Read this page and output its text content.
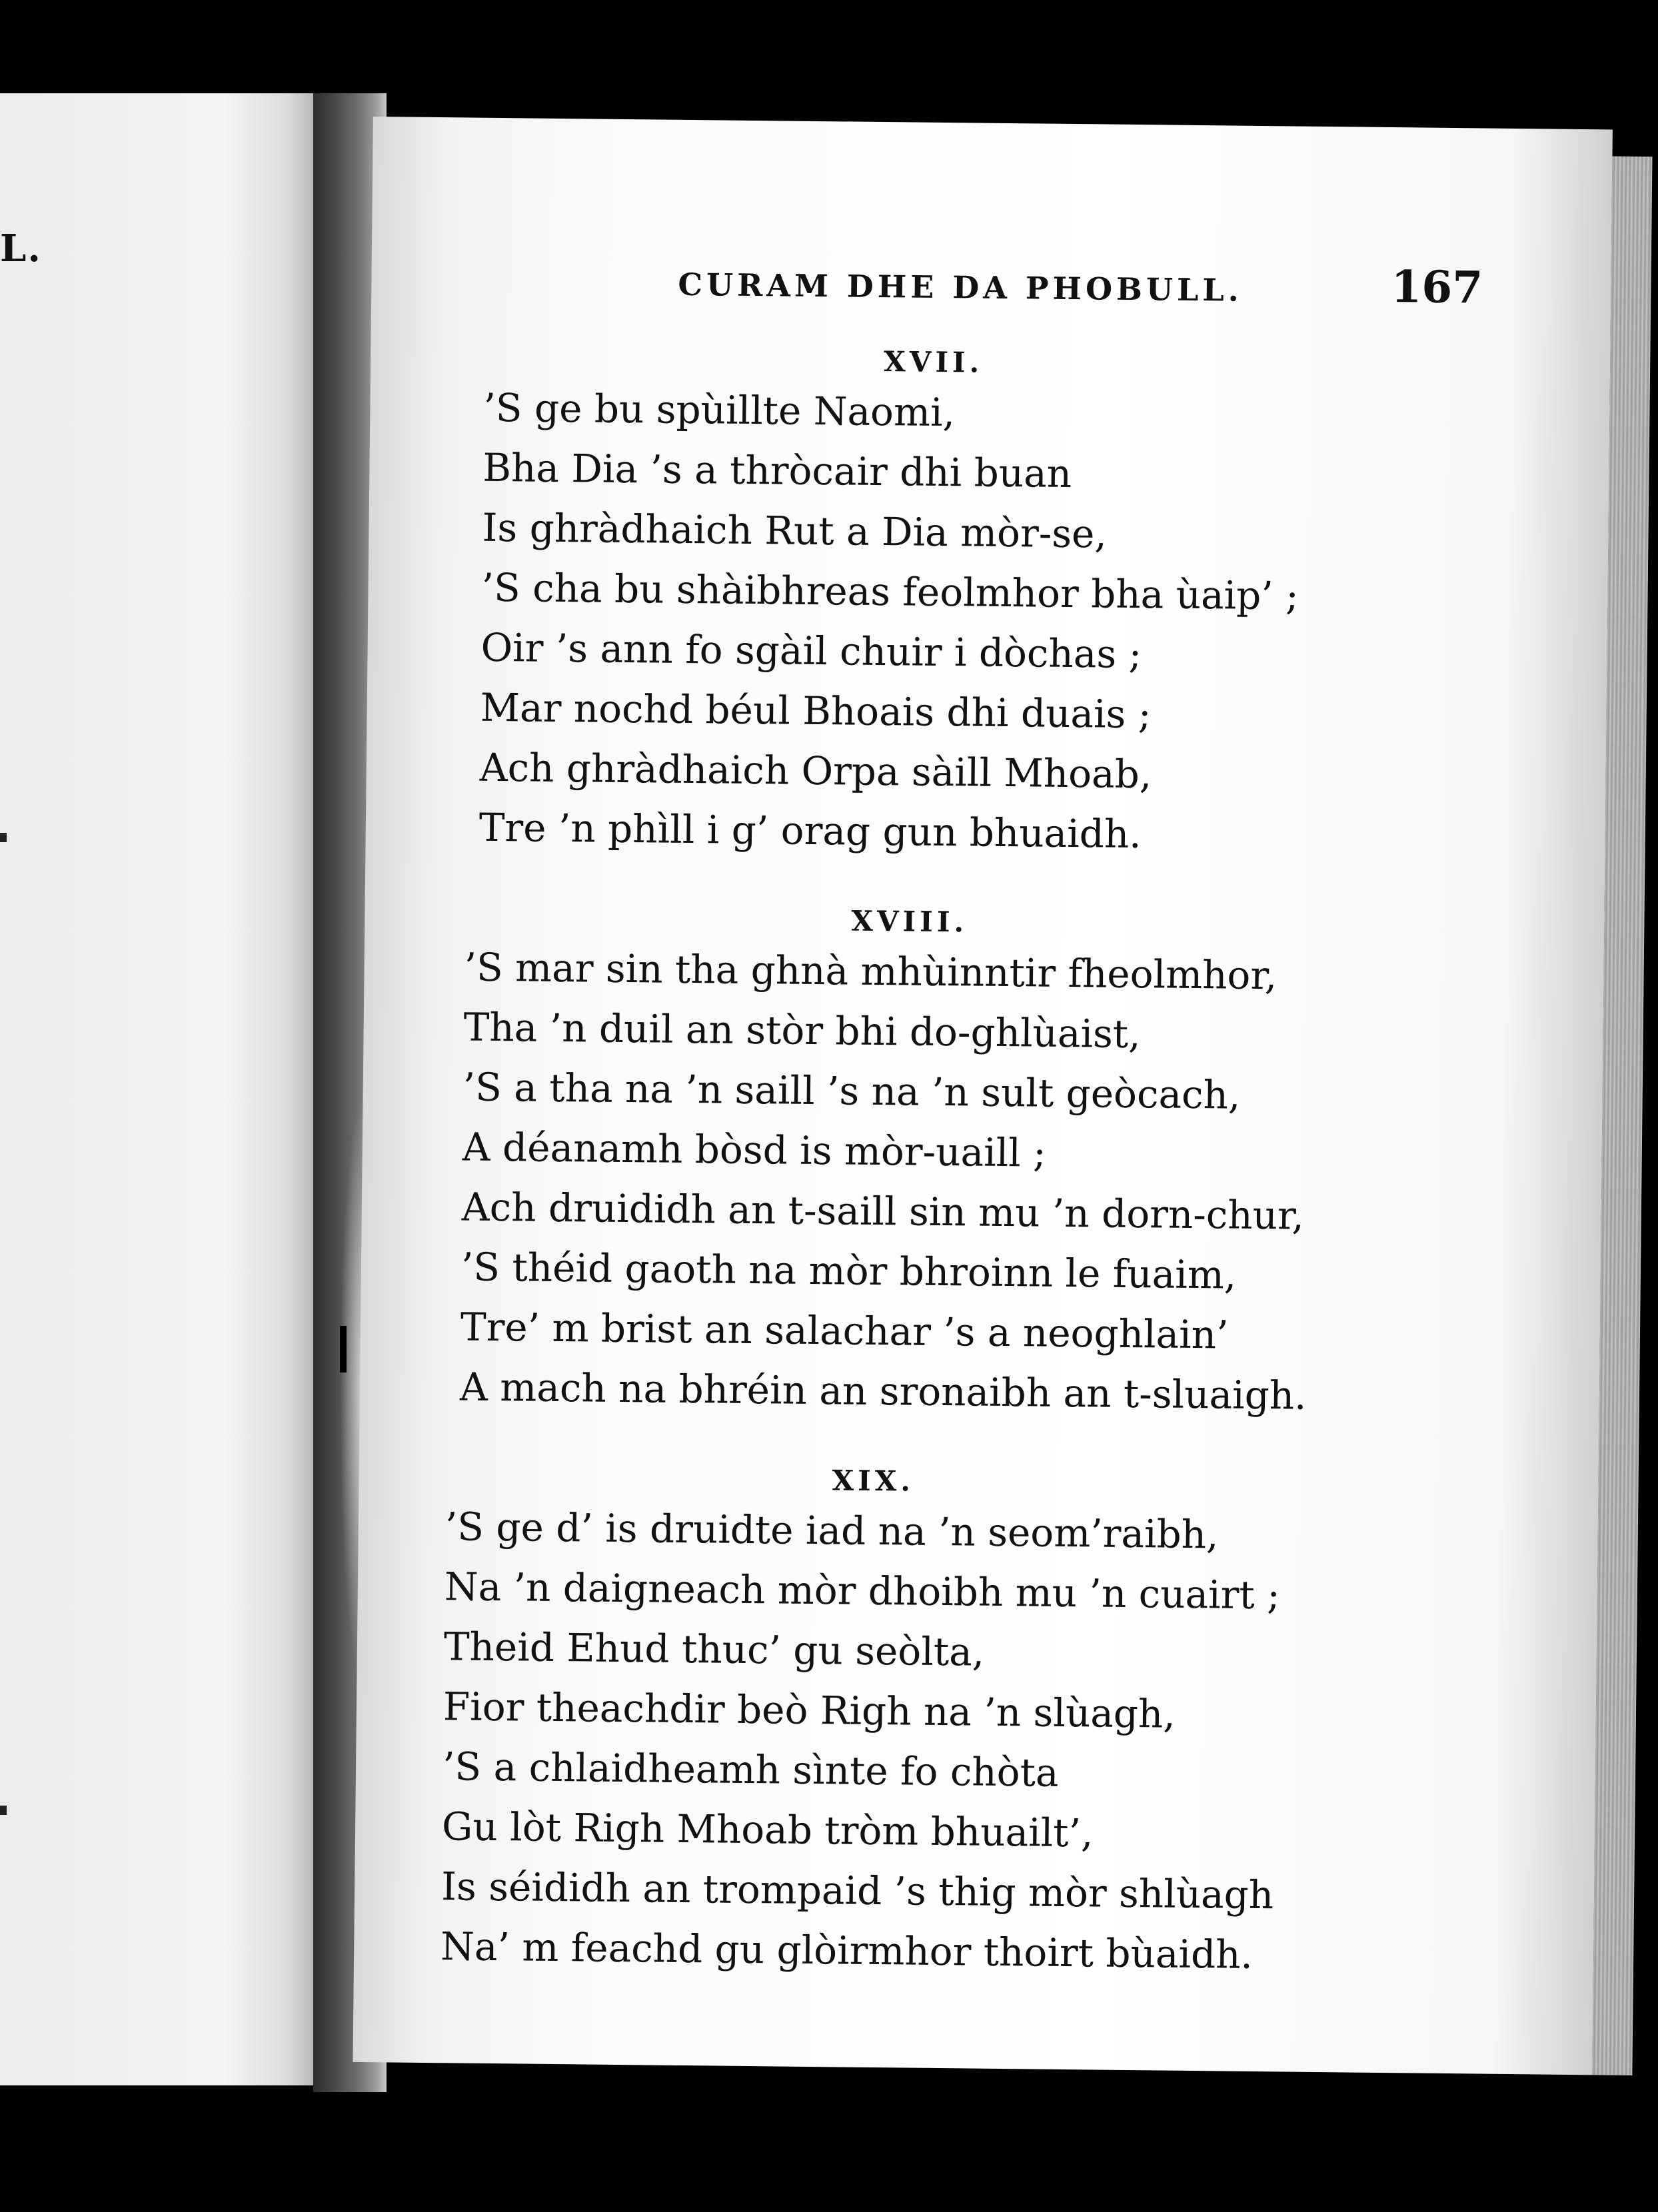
L.
CURAM DHE DA PHOBULL.	167
XVII.
’S ge bu spùillte Naomi,
Bha Dia ’s a thròcair dhi buan
Is ghràdhaich Rut a Dia mòr-se,
’S cha bu shàibhreas feolmhor bha ùaip’ ;
Oir ’s ann fo sgàil chuir i dòchas ;
Mar nochd béul Bhoais dhi duais ;
Ach ghràdhaich Orpa sàill Mhoab,
Tre ’n phìll i g’ orag gun bhuaidh.
XVIII.
’S mar sin tha ghnà mhùinntir fheolmhor,
Tha ’n duil an stòr bhi do-ghlùaist,
’S a tha na ’n saill ’s na ’n sult geòcach,
A déanamh bòsd is mòr-uaill ;
Ach druididh an t-saill sin mu ’n dorn-chur,
’S théid gaoth na mòr bhroinn le fuaim,
Tre’ m brist an salachar ’s a neoghlain’
A mach na bhréin an sronaibh an t-sluaigh.
XIX.
’S ge d’ is druidte iad na ’n seom’raibh,
Na ’n daigneach mòr dhoibh mu ’n cuairt ;
Theid Ehud thuc’ gu seòlta,
Fior theachdir beò Righ na ’n slùagh,
’S a chlaidheamh sìnte fo chòta
Gu lòt Righ Mhoab tròm bhuailt’,
Is séididh an trompaid ’s thig mòr shlùagh
Na’ m feachd gu glòirmhor thoirt bùaidh.
